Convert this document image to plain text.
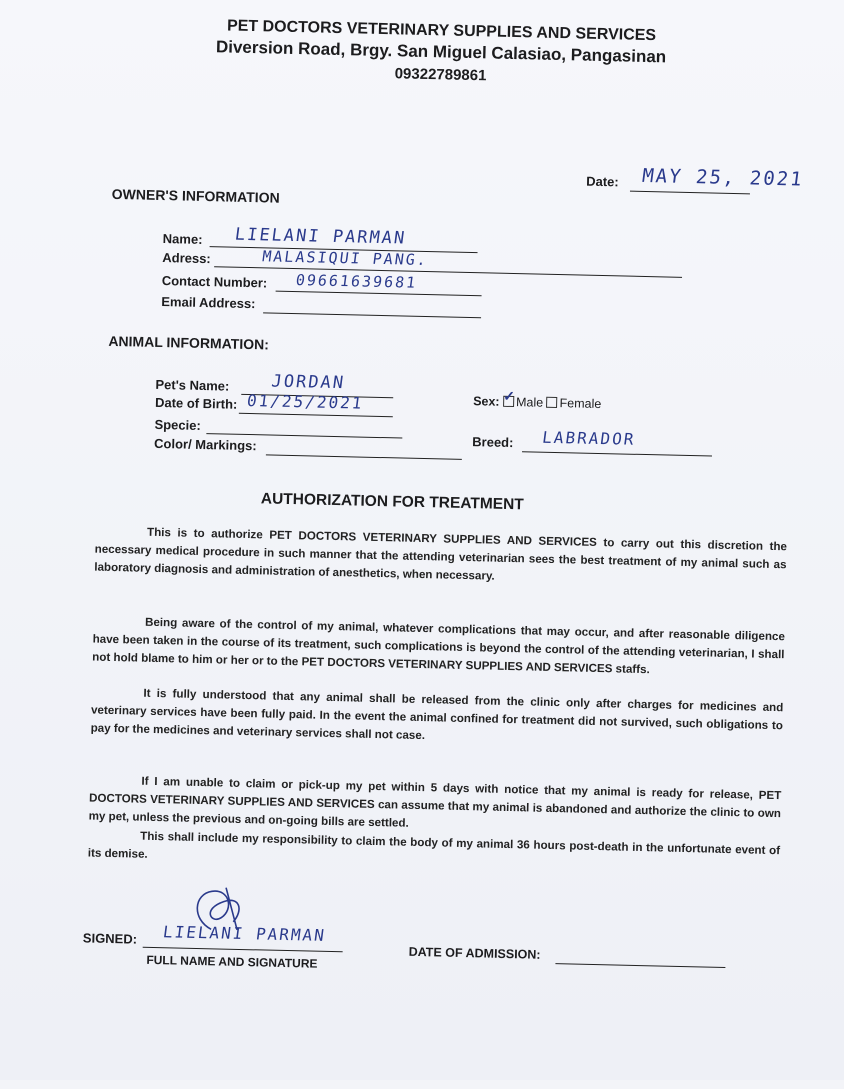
PET DOCTORS VETERINARY SUPPLIES AND SERVICES
Diversion Road, Brgy. San Miguel Calasiao, Pangasinan
09322789861
Date: MAY 25, 2021
OWNER'S INFORMATION
Name: LIELANI PARMAN
Adress:	MALASIQUI PANG.
Contact Number: 09661639681
Email Address:
ANIMAL INFORMATION:
Pet's Name: JORDAN
Date of Birth: 01/25/2021
Specie:
Color/ Markings:
Sex: ✓ Male Female
Breed: LABRADOR
AUTHORIZATION FOR TREATMENT
This is to authorize PET DOCTORS VETERINARY SUPPLIES AND SERVICES to carry out this discretion the necessary medical procedure in such manner that the attending veterinarian sees the best treatment of my animal such as laboratory diagnosis and administration of anesthetics, when necessary.
Being aware of the control of my animal, whatever complications that may occur, and after reasonable diligence have been taken in the course of its treatment, such complications is beyond the control of the attending veterinarian, I shall not hold blame to him or her or to the PET DOCTORS VETERINARY SUPPLIES AND SERVICES staffs.
It is fully understood that any animal shall be released from the clinic only after charges for medicines and veterinary services have been fully paid. In the event the animal confined for treatment did not survived, such obligations to pay for the medicines and veterinary services shall not case.
If I am unable to claim or pick-up my pet within 5 days with notice that my animal is ready for release, PET DOCTORS VETERINARY SUPPLIES AND SERVICES can assume that my animal is abandoned and authorize the clinic to own my pet, unless the previous and on-going bills are settled.
This shall include my responsibility to claim the body of my animal 36 hours post-death in the unfortunate event of its demise.
SIGNED: LIELANI PARMAN
FULL NAME AND SIGNATURE	DATE OF ADMISSION:
